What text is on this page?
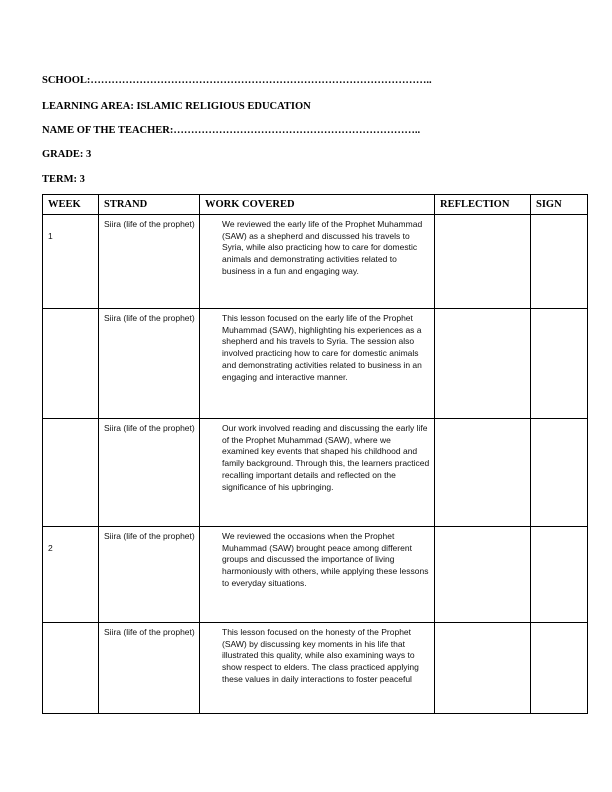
SCHOOL:……………………………………………………………………………………..
LEARNING AREA: ISLAMIC RELIGIOUS EDUCATION
NAME OF THE TEACHER:……………………………………………………………..
GRADE: 3
TERM: 3
WEEK	STRAND	WORK COVERED	REFLECTION	SIGN
1	Siira (life of the prophet)	We reviewed the early life of the Prophet Muhammad (SAW) as a shepherd and discussed his travels to Syria, while also practicing how to care for domestic animals and demonstrating activities related to business in a fun and engaging way.		
	Siira (life of the prophet)	This lesson focused on the early life of the Prophet Muhammad (SAW), highlighting his experiences as a shepherd and his travels to Syria. The session also involved practicing how to care for domestic animals and demonstrating activities related to business in an engaging and interactive manner.		
	Siira (life of the prophet)	Our work involved reading and discussing the early life of the Prophet Muhammad (SAW), where we examined key events that shaped his childhood and family background. Through this, the learners practiced recalling important details and reflected on the significance of his upbringing.		
2	Siira (life of the prophet)	We reviewed the occasions when the Prophet Muhammad (SAW) brought peace among different groups and discussed the importance of living harmoniously with others, while applying these lessons to everyday situations.		
	Siira (life of the prophet)	This lesson focused on the honesty of the Prophet (SAW) by discussing key moments in his life that illustrated this quality, while also examining ways to show respect to elders. The class practiced applying these values in daily interactions to foster peaceful		
